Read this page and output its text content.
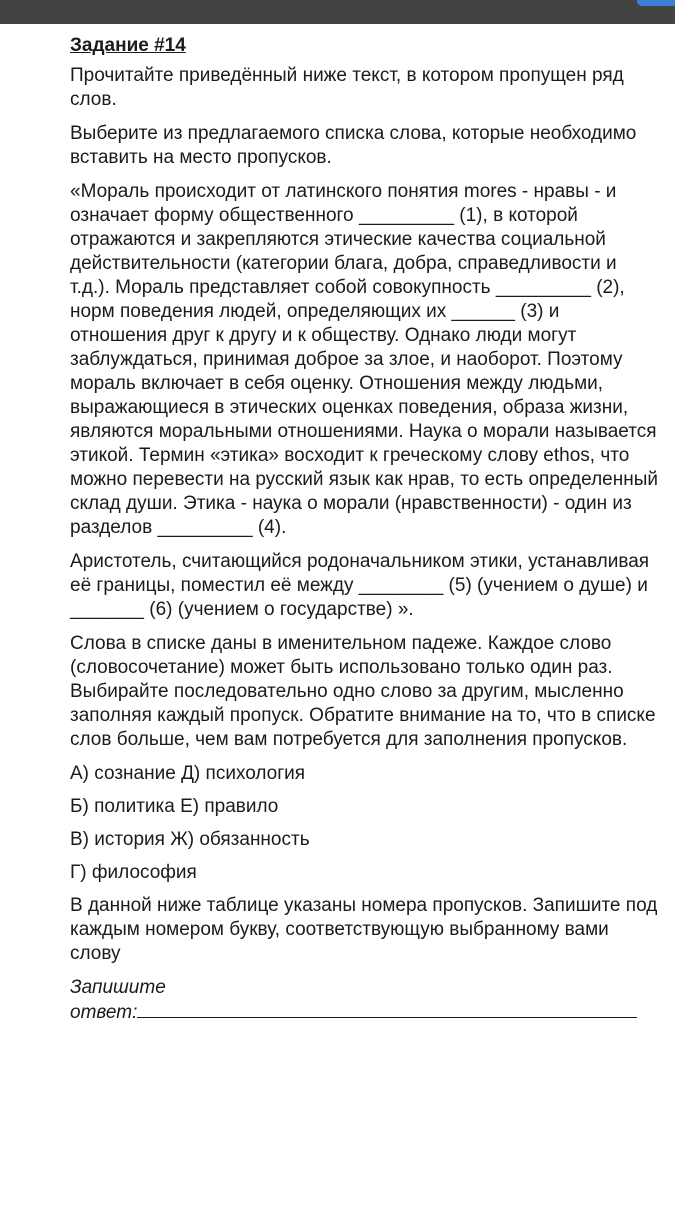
Задание #14
Прочитайте приведённый ниже текст, в котором пропущен ряд слов.
Выберите из предлагаемого списка слова, которые необходимо вставить на место пропусков.
«Мораль происходит от латинского понятия mores - нравы - и означает форму общественного _________ (1), в которой отражаются и закрепляются этические качества социальной действительности (категории блага, добра, справедливости и т.д.). Мораль представляет собой совокупность _________ (2), норм поведения людей, определяющих их ______ (3) и отношения друг к другу и к обществу. Однако люди могут заблуждаться, принимая доброе за злое, и наоборот. Поэтому мораль включает в себя оценку. Отношения между людьми, выражающиеся в этических оценках поведения, образа жизни, являются моральными отношениями. Наука о морали называется этикой. Термин «этика» восходит к греческому слову ethos, что можно перевести на русский язык как нрав, то есть определенный склад души. Этика - наука о морали (нравственности) - один из разделов _________ (4).
Аристотель, считающийся родоначальником этики, устанавливая её границы, поместил её между ________ (5) (учением о душе) и _______ (6) (учением о государстве) ».
Слова в списке даны в именительном падеже. Каждое слово (словосочетание) может быть использовано только один раз. Выбирайте последовательно одно слово за другим, мысленно заполняя каждый пропуск. Обратите внимание на то, что в списке слов больше, чем вам потребуется для заполнения пропусков.
А) сознание Д) психология
Б) политика Е) правило
В) история Ж) обязанность
Г) философия
В данной ниже таблице указаны номера пропусков. Запишите под каждым номером букву, соответствующую выбранному вами слову
Запишите
ответ:
